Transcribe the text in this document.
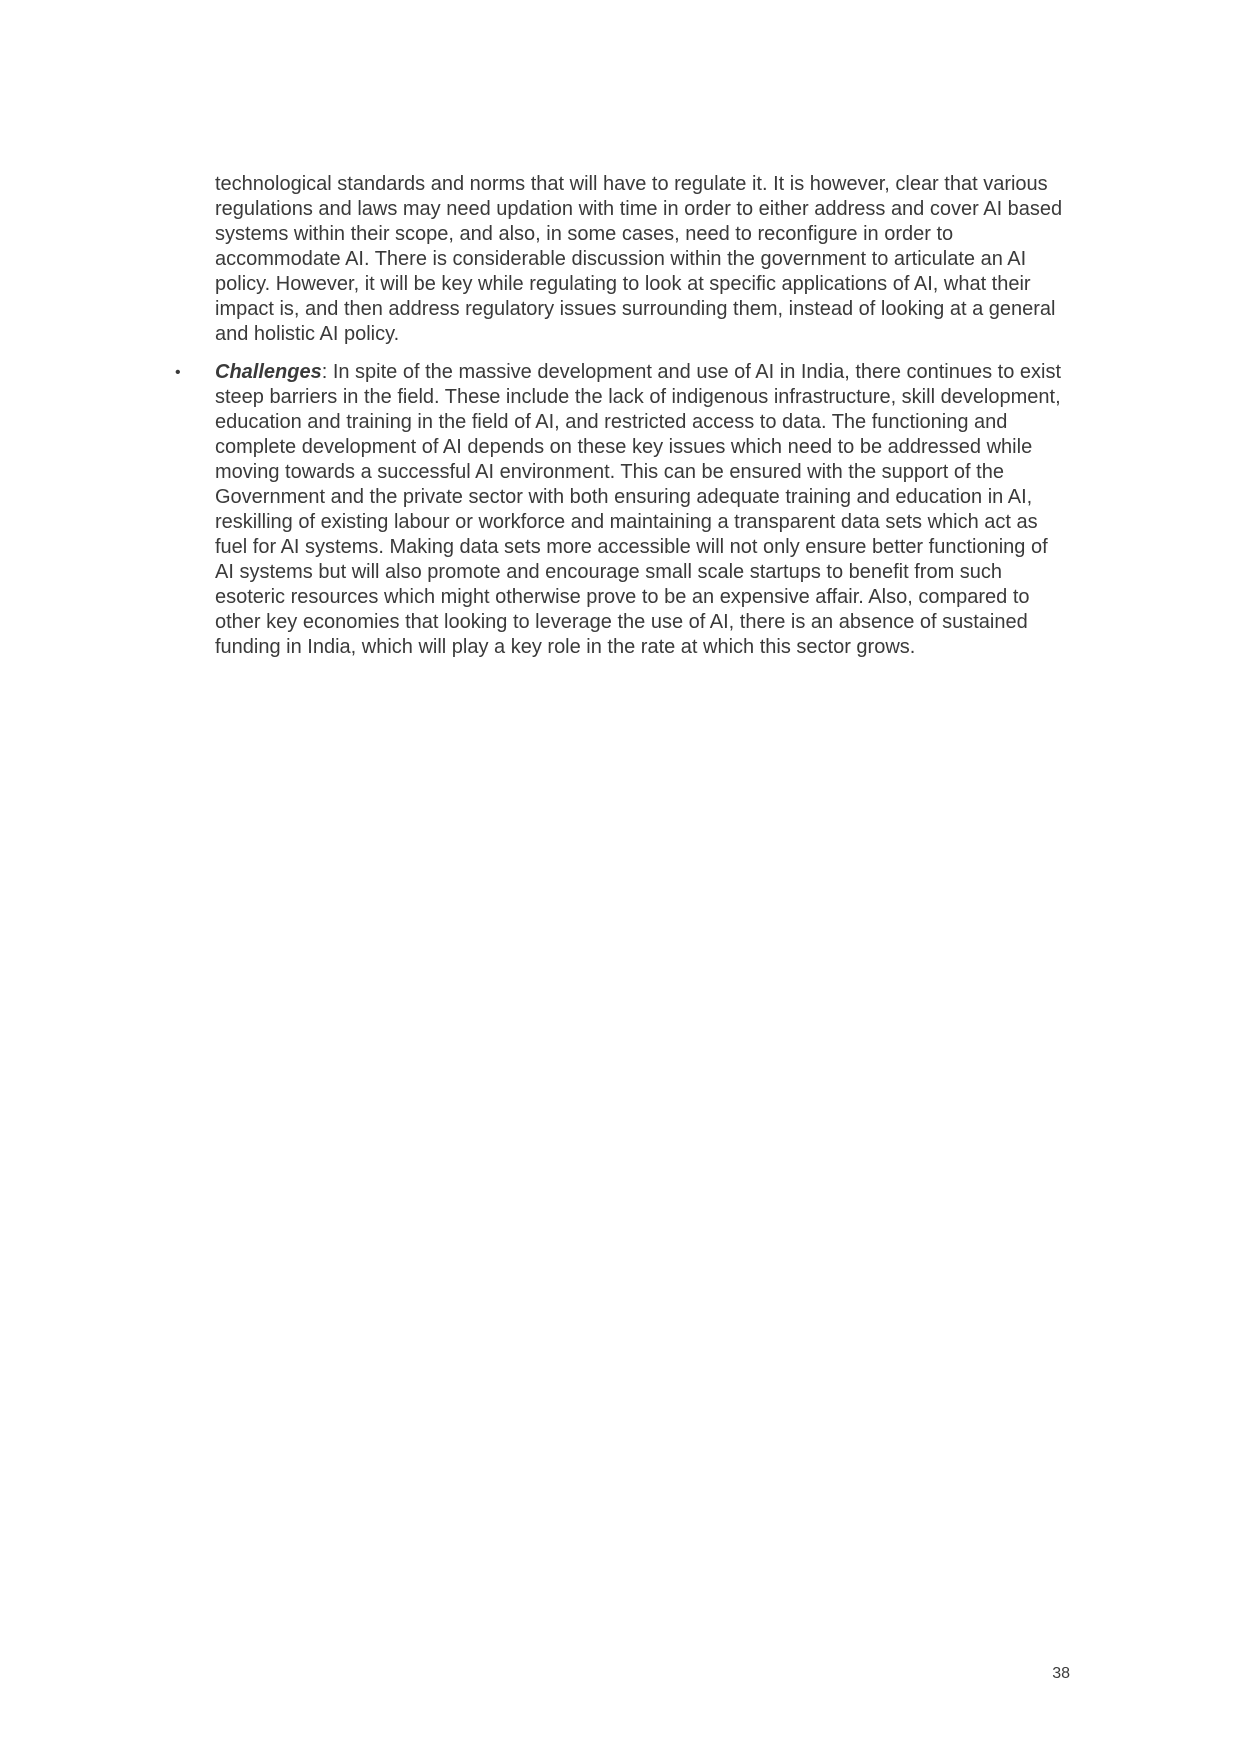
technological standards and norms that will have to regulate it. It is however, clear that various regulations and laws may need updation with time in order to either address and cover AI based systems within their scope, and also, in some cases, need to reconfigure in order to accommodate AI. There is considerable discussion within the government to articulate an AI policy. However, it will be key while regulating to look at specific applications of AI, what their impact is, and then address regulatory issues surrounding them, instead of looking at a general and holistic AI policy.

•	Challenges: In spite of the massive development and use of AI in India, there continues to exist steep barriers in the field. These include the lack of indigenous infrastructure, skill development, education and training in the field of AI, and restricted access to data. The functioning and complete development of AI depends on these key issues which need to be addressed while moving towards a successful AI environment. This can be ensured with the support of the Government and the private sector with both ensuring adequate training and education in AI, reskilling of existing labour or workforce and maintaining a transparent data sets which act as fuel for AI systems. Making data sets more accessible will not only ensure better functioning of AI systems but will also promote and encourage small scale startups to benefit from such esoteric resources which might otherwise prove to be an expensive affair. Also, compared to other key economies that looking to leverage the use of AI, there is an absence of sustained funding in India, which will play a key role in the rate at which this sector grows.

38
